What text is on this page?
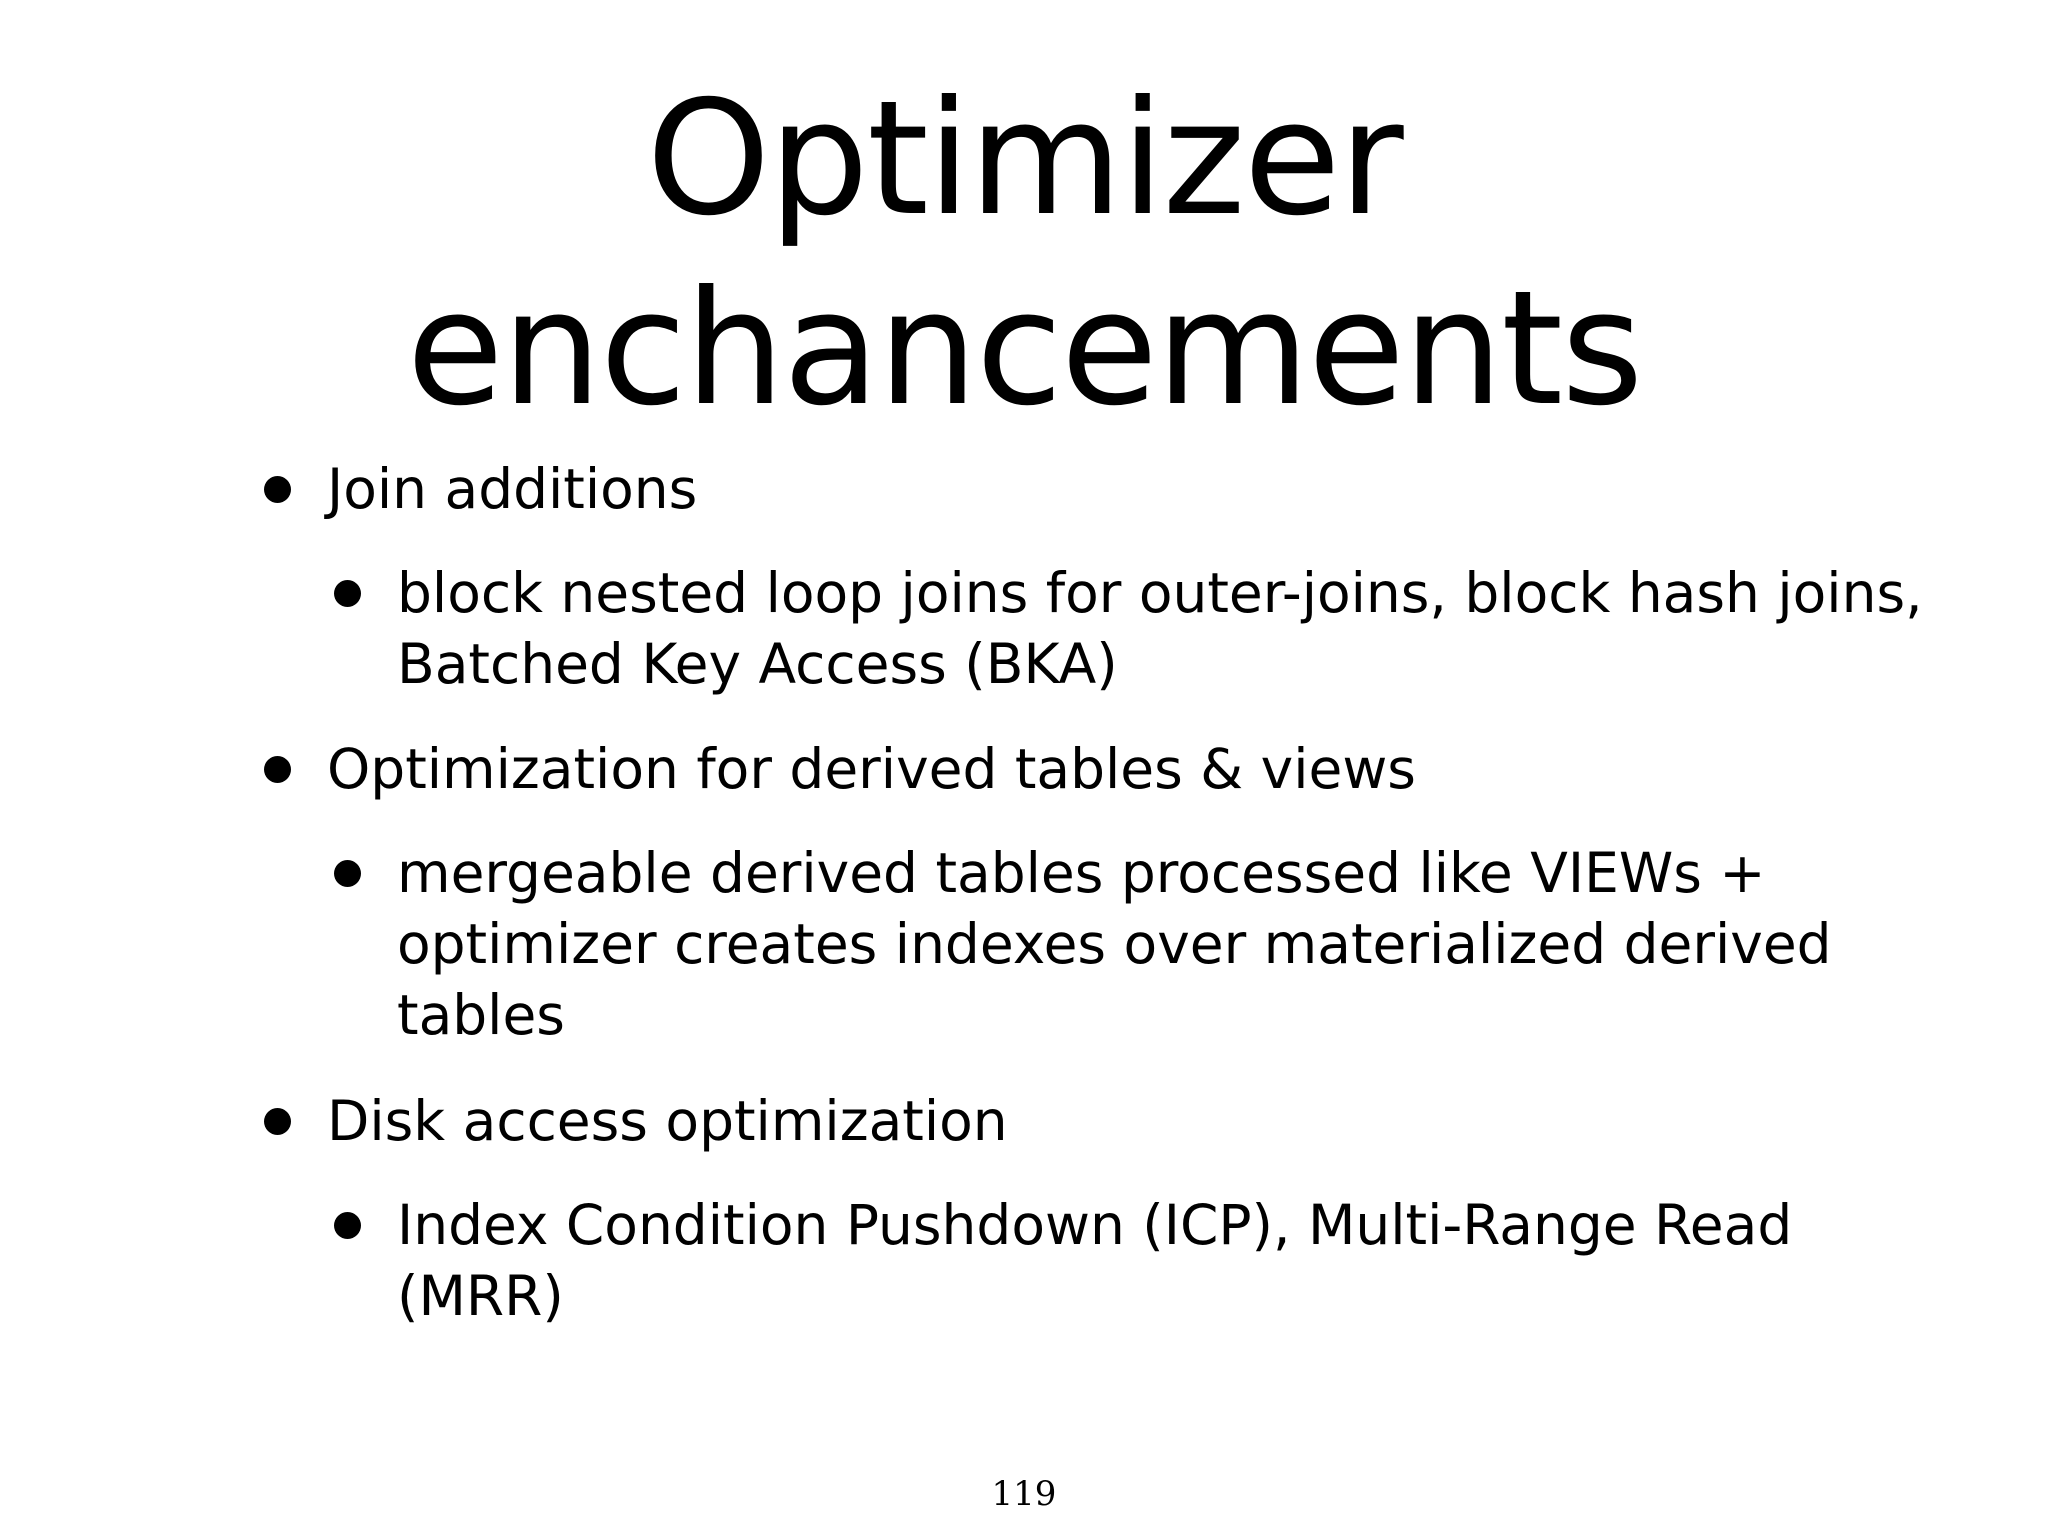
Optimizer
enchancements
Join additions
block nested loop joins for outer-joins, block hash joins,
Batched Key Access (BKA)
Optimization for derived tables & views
mergeable derived tables processed like VIEWs +
optimizer creates indexes over materialized derived
tables
Disk access optimization
Index Condition Pushdown (ICP), Multi-Range Read
(MRR)
119
